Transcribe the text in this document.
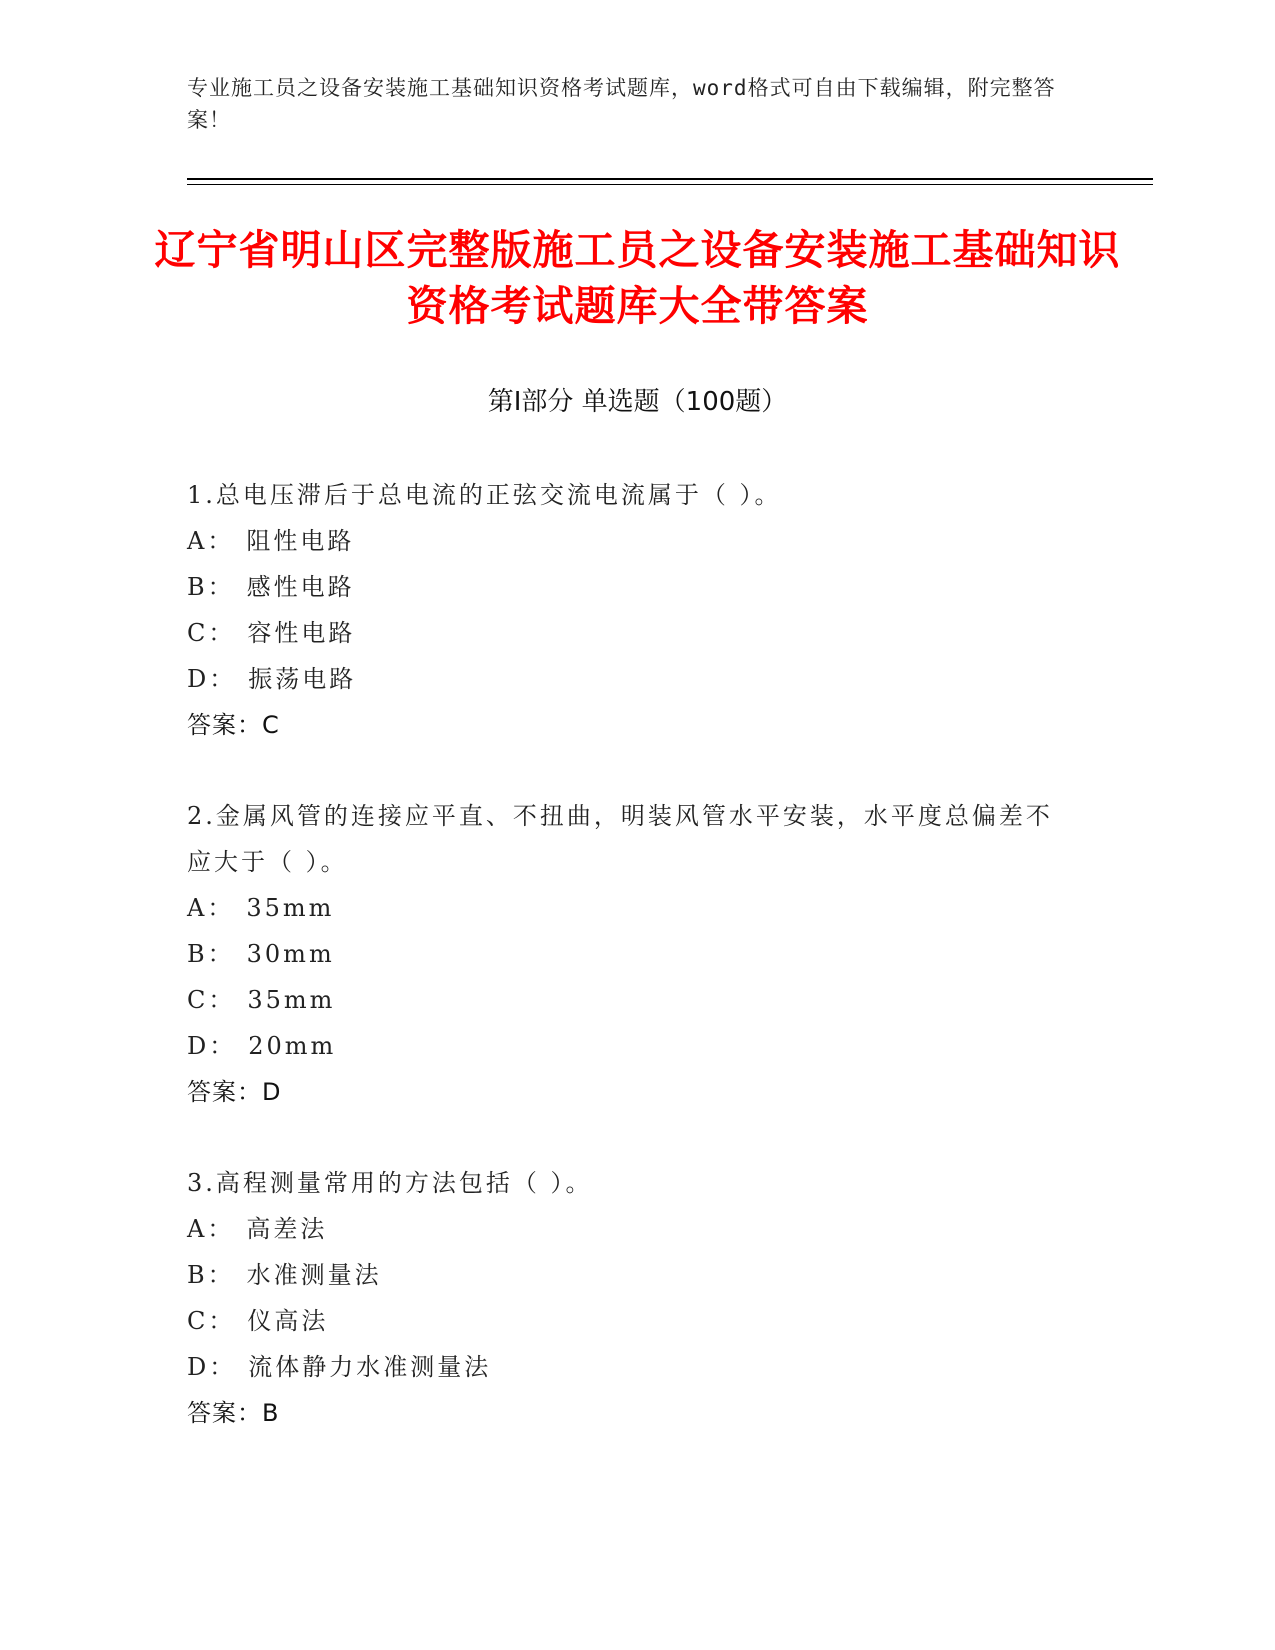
专业施工员之设备安装施工基础知识资格考试题库，word格式可自由下载编辑，附完整答案！
辽宁省明山区完整版施工员之设备安装施工基础知识资格考试题库大全带答案
第Ⅰ部分 单选题（100题）
1.总电压滞后于总电流的正弦交流电流属于（ ）。
A： 阻性电路
B： 感性电路
C： 容性电路
D： 振荡电路
答案：C
2.金属风管的连接应平直、不扭曲，明装风管水平安装，水平度总偏差不应大于（ ）。
A： 35mm
B： 30mm
C： 35mm
D： 20mm
答案：D
3.高程测量常用的方法包括（ ）。
A： 高差法
B： 水准测量法
C： 仪高法
D： 流体静力水准测量法
答案：B
